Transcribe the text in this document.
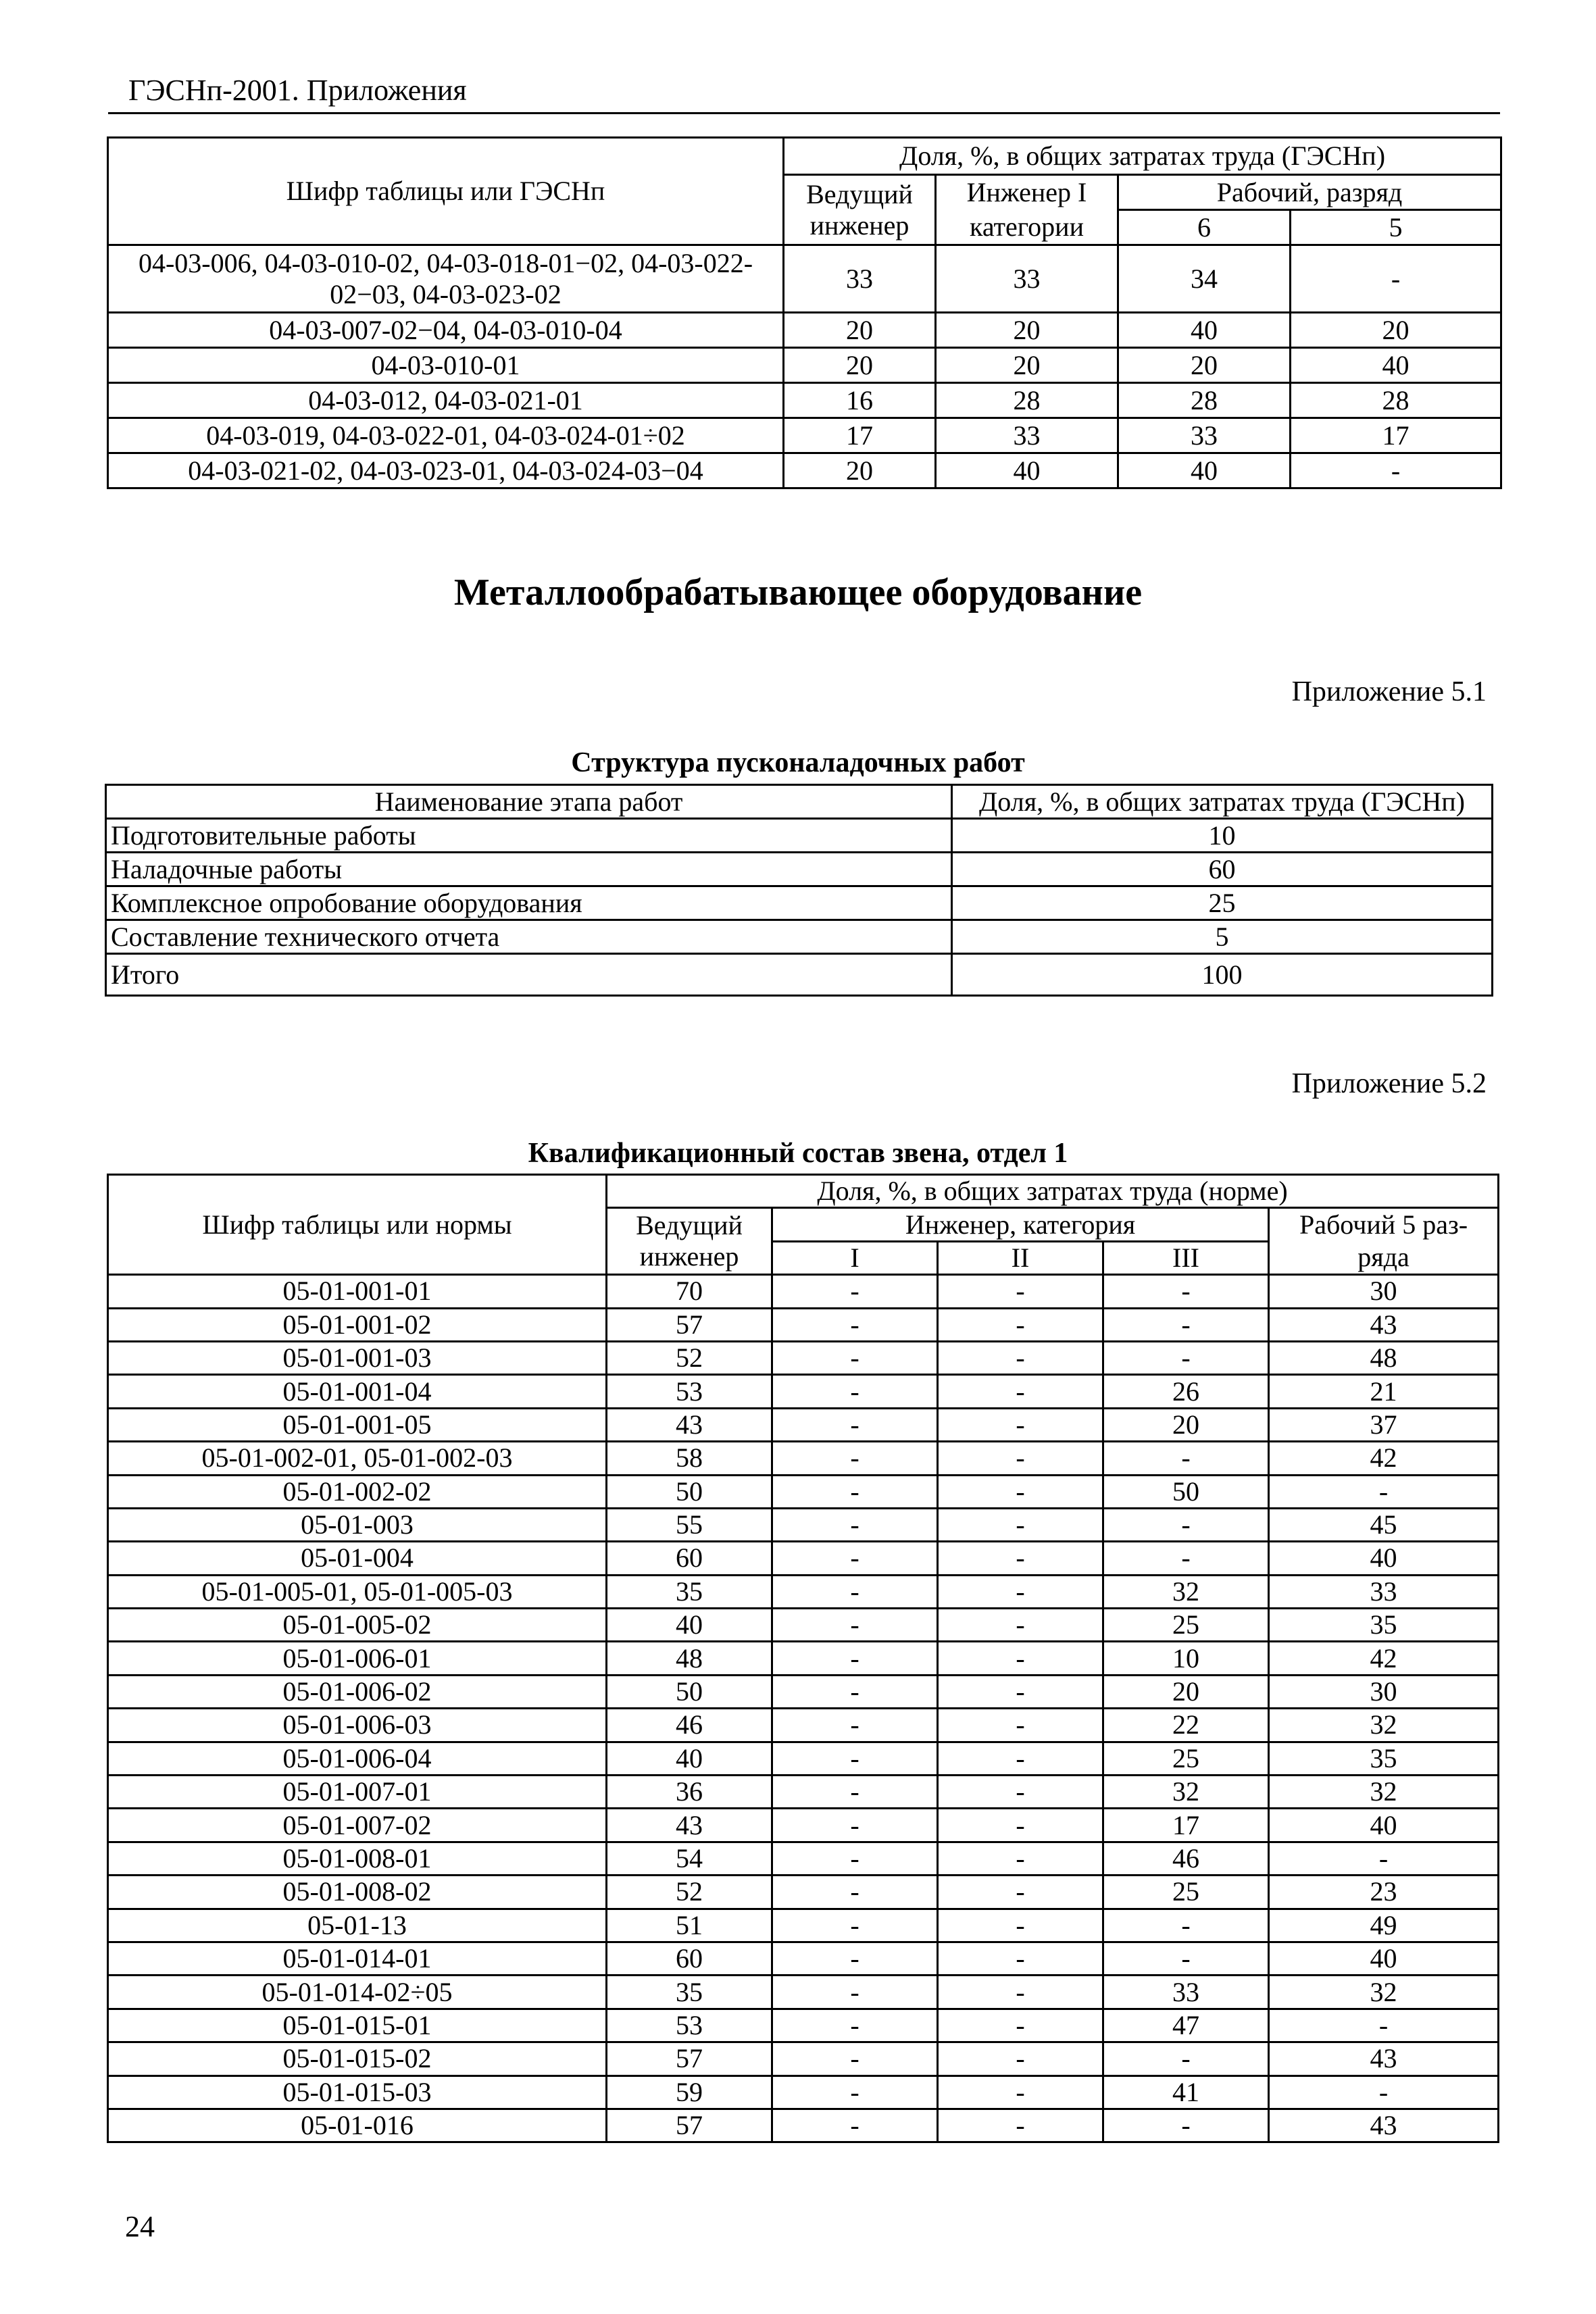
ГЭСНп-2001. Приложения
Шифр таблицы или ГЭСНп	Доля, %, в общих затратах труда (ГЭСНп)			
	Ведущий инженер	Инженер I	Рабочий, разряд	
		категории	6	5
04-03-006, 04-03-010-02, 04-03-018-01−02, 04-03-022-02−03, 04-03-023-02	33	33	34	-
04-03-007-02−04, 04-03-010-04	20	20	40	20
04-03-010-01	20	20	20	40
04-03-012, 04-03-021-01	16	28	28	28
04-03-019, 04-03-022-01, 04-03-024-01÷02	17	33	33	17
04-03-021-02, 04-03-023-01, 04-03-024-03−04	20	40	40	-
Металлообрабатывающее оборудование
Приложение 5.1
Структура пусконаладочных работ
Наименование этапа работ	Доля, %, в общих затратах труда (ГЭСНп)
Подготовительные работы	10
Наладочные работы	60
Комплексное опробование оборудования	25
Составление технического отчета	5
Итого	100
Приложение 5.2
Квалификационный состав звена, отдел 1
Шифр таблицы или нормы	Доля, %, в общих затратах труда (норме)				
	Ведущий инженер	Инженер, категория			Рабочий 5 раз-
		I	II	III	ряда
05-01-001-01	70	-	-	-	30
05-01-001-02	57	-	-	-	43
05-01-001-03	52	-	-	-	48
05-01-001-04	53	-	-	26	21
05-01-001-05	43	-	-	20	37
05-01-002-01, 05-01-002-03	58	-	-	-	42
05-01-002-02	50	-	-	50	-
05-01-003	55	-	-	-	45
05-01-004	60	-	-	-	40
05-01-005-01, 05-01-005-03	35	-	-	32	33
05-01-005-02	40	-	-	25	35
05-01-006-01	48	-	-	10	42
05-01-006-02	50	-	-	20	30
05-01-006-03	46	-	-	22	32
05-01-006-04	40	-	-	25	35
05-01-007-01	36	-	-	32	32
05-01-007-02	43	-	-	17	40
05-01-008-01	54	-	-	46	-
05-01-008-02	52	-	-	25	23
05-01-13	51	-	-	-	49
05-01-014-01	60	-	-	-	40
05-01-014-02÷05	35	-	-	33	32
05-01-015-01	53	-	-	47	-
05-01-015-02	57	-	-	-	43
05-01-015-03	59	-	-	41	-
05-01-016	57	-	-	-	43
24
